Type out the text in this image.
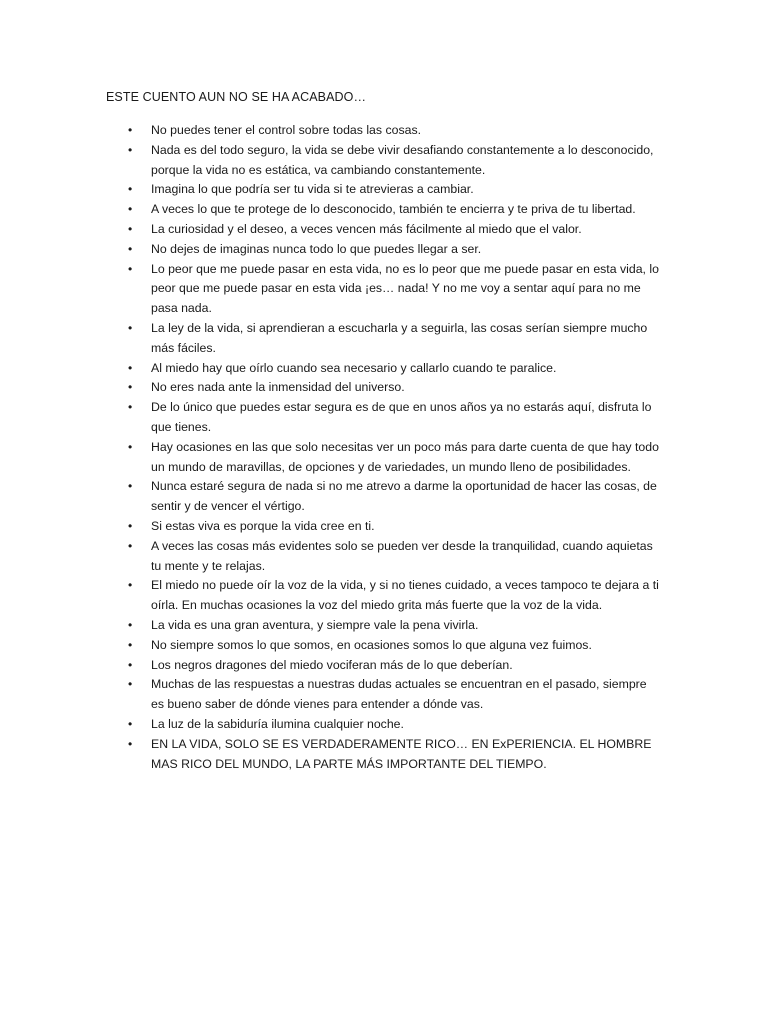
ESTE CUENTO AUN NO SE HA ACABADO…
•	No puedes tener el control sobre todas las cosas.
•	Nada es del todo seguro, la vida se debe vivir desafiando constantemente a lo desconocido, porque la vida no es estática, va cambiando constantemente.
•	Imagina lo que podría ser tu vida si te atrevieras a cambiar.
•	A veces lo que te protege de lo desconocido, también te encierra y te priva de tu libertad.
•	La curiosidad y el deseo, a veces vencen más fácilmente al miedo que el valor.
•	No dejes de imaginas nunca todo lo que puedes llegar a ser.
•	Lo peor que me puede pasar en esta vida, no es lo peor que me puede pasar en esta vida, lo peor que me puede pasar en esta vida ¡es… nada! Y no me voy a sentar aquí para no me pasa nada.
•	La ley de la vida, si aprendieran a escucharla y a seguirla, las cosas serían siempre mucho más fáciles.
•	Al miedo hay que oírlo cuando sea necesario y callarlo cuando te paralice.
•	No eres nada ante la inmensidad del universo.
•	De lo único que puedes estar segura es de que en unos años ya no estarás aquí, disfruta lo que tienes.
•	Hay ocasiones en las que solo necesitas ver un poco más para darte cuenta de que hay todo un mundo de maravillas, de opciones y de variedades, un mundo lleno de posibilidades.
•	Nunca estaré segura de nada si no me atrevo a darme la oportunidad de hacer las cosas, de sentir y de vencer el vértigo.
•	Si estas viva es porque la vida cree en ti.
•	A veces las cosas más evidentes solo se pueden ver desde la tranquilidad, cuando aquietas tu mente y te relajas.
•	El miedo no puede oír la voz de la vida, y si no tienes cuidado, a veces tampoco te dejara a ti oírla. En muchas ocasiones la voz del miedo grita más fuerte que la voz de la vida.
•	La vida es una gran aventura, y siempre vale la pena vivirla.
•	No siempre somos lo que somos, en ocasiones somos lo que alguna vez fuimos.
•	Los negros dragones del miedo vociferan más de lo que deberían.
•	Muchas de las respuestas a nuestras dudas actuales se encuentran en el pasado, siempre es bueno saber de dónde vienes para entender a dónde vas.
•	La luz de la sabiduría ilumina cualquier noche.
•	EN LA VIDA, SOLO SE ES VERDADERAMENTE RICO… EN ExPERIENCIA. EL HOMBRE MAS RICO DEL MUNDO, LA PARTE MÁS IMPORTANTE DEL TIEMPO.
